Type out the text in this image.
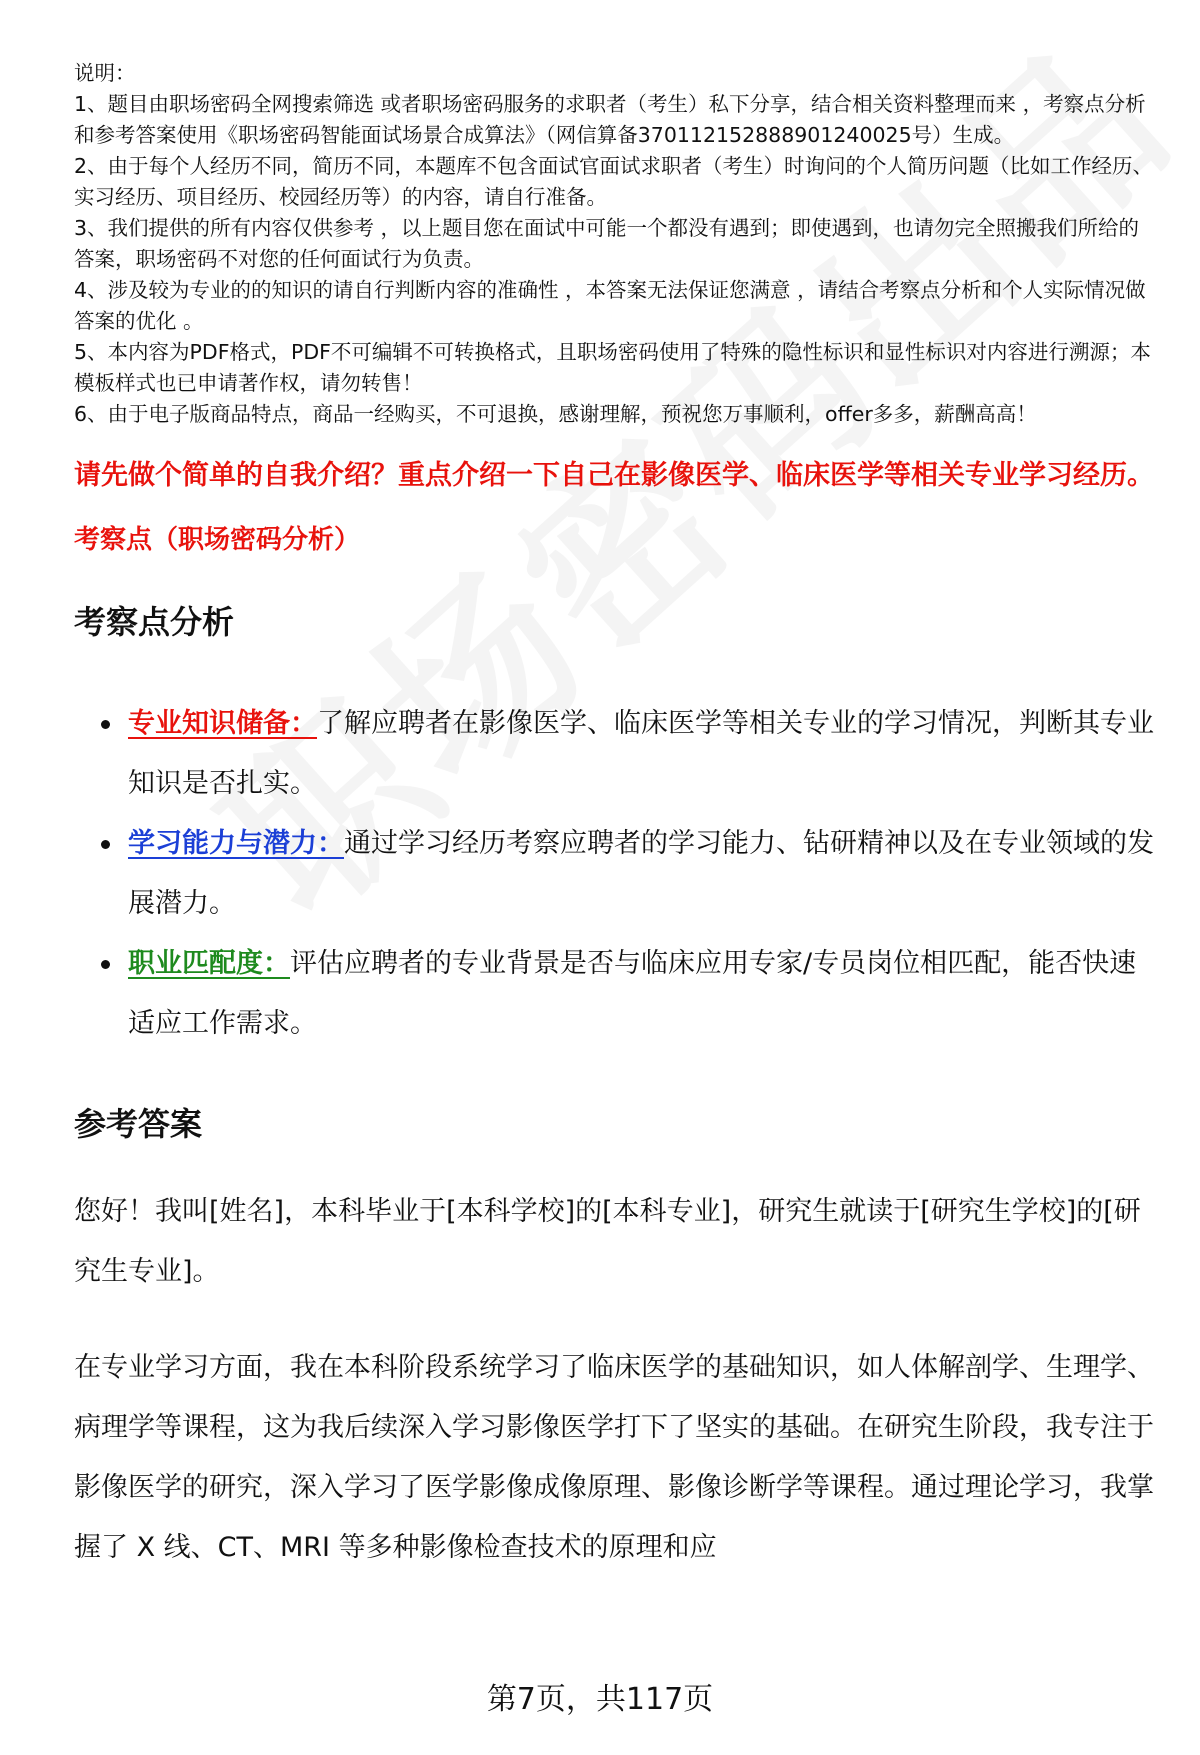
说明：

1、题目由职场密码全网搜索筛选 或者职场密码服务的求职者（考生）私下分享，结合相关资料整理而来 ，考察点分析和参考答案使用《职场密码智能面试场景合成算法》（网信算备370112152888901240025号）生成。

2、由于每个人经历不同，简历不同，本题库不包含面试官面试求职者（考生）时询问的个人简历问题（比如工作经历、实习经历、项目经历、校园经历等）的内容，请自行准备。

3、我们提供的所有内容仅供参考 ，以上题目您在面试中可能一个都没有遇到；即使遇到，也请勿完全照搬我们所给的答案，职场密码不对您的任何面试行为负责。

4、涉及较为专业的的知识的请自行判断内容的准确性 ，本答案无法保证您满意 ，请结合考察点分析和个人实际情况做答案的优化 。

5、本内容为PDF格式，PDF不可编辑不可转换格式，且职场密码使用了特殊的隐性标识和显性标识对内容进行溯源；本模板样式也已申请著作权，请勿转售！

6、由于电子版商品特点，商品一经购买，不可退换，感谢理解，预祝您万事顺利，offer多多，薪酬高高！

请先做个简单的自我介绍？重点介绍一下自己在影像医学、临床医学等相关专业学习经历。
考察点（职场密码分析）
考察点分析
专业知识储备：了解应聘者在影像医学、临床医学等相关专业的学习情况，判断其专业知识是否扎实。
学习能力与潜力：通过学习经历考察应聘者的学习能力、钻研精神以及在专业领域的发展潜力。
职业匹配度：评估应聘者的专业背景是否与临床应用专家/专员岗位相匹配，能否快速适应工作需求。
参考答案

您好！我叫[姓名]，本科毕业于[本科学校]的[本科专业]，研究生就读于[研究生学校]的[研究生专业]。

在专业学习方面，我在本科阶段系统学习了临床医学的基础知识，如人体解剖学、生理学、病理学等课程，这为我后续深入学习影像医学打下了坚实的基础。在研究生阶段，我专注于影像医学的研究，深入学习了医学影像成像原理、影像诊断学等课程。通过理论学习，我掌握了 X 线、CT、MRI 等多种影像检查技术的原理和应

第7页，共117页
